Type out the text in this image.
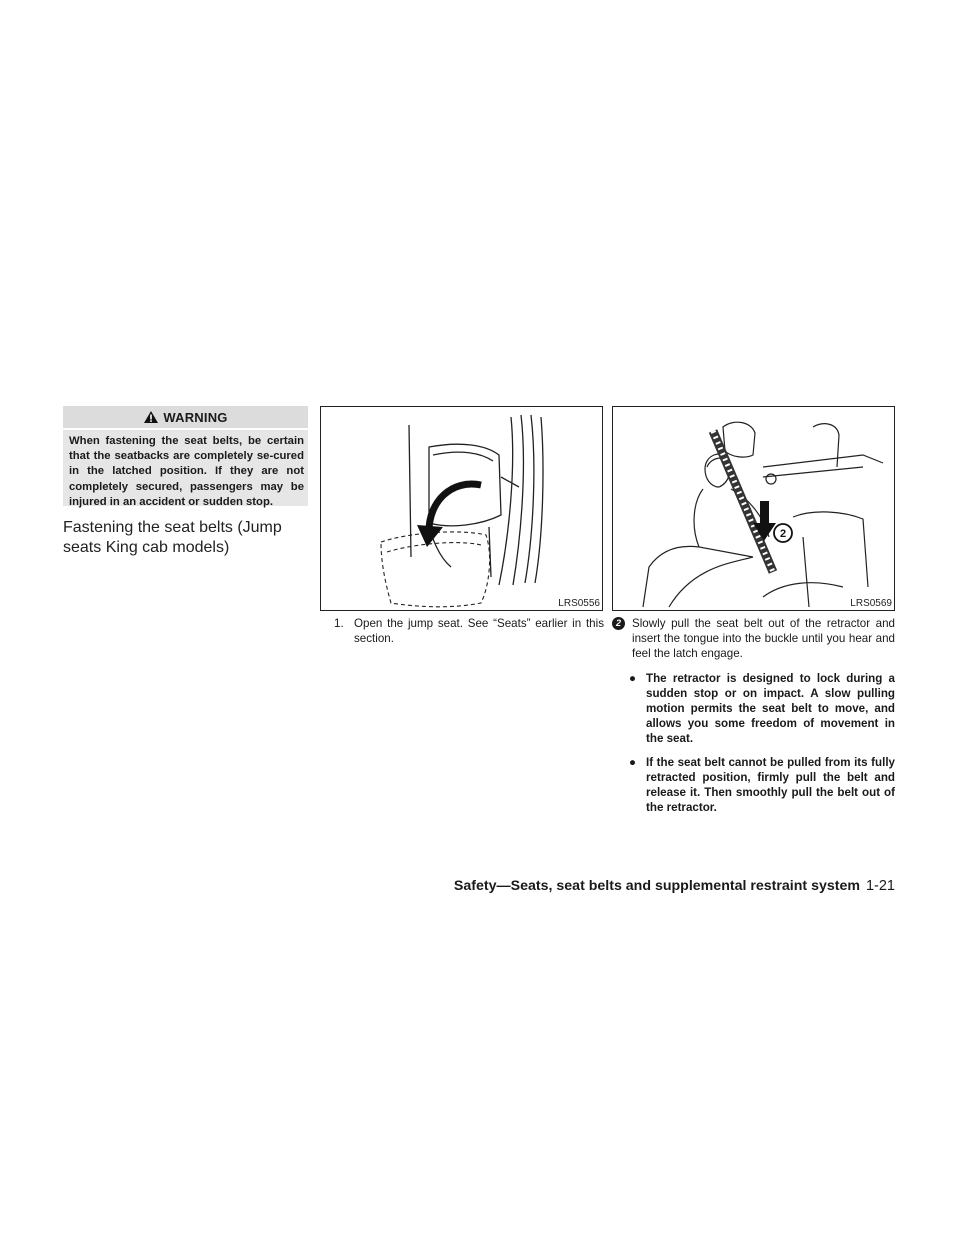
WARNING
When fastening the seat belts, be certain that the seatbacks are completely se-cured in the latched position. If they are not completely secured, passengers may be injured in an accident or sudden stop.
Fastening the seat belts (Jump seats King cab models)
LRS0556
2
LRS0569
1. Open the jump seat. See “Seats” earlier in this section.
2 Slowly pull the seat belt out of the retractor and insert the tongue into the buckle until you hear and feel the latch engage.
● The retractor is designed to lock during a sudden stop or on impact. A slow pulling motion permits the seat belt to move, and allows you some freedom of movement in the seat.
● If the seat belt cannot be pulled from its fully retracted position, firmly pull the belt and release it. Then smoothly pull the belt out of the retractor.
Safety—Seats, seat belts and supplemental restraint system 1-21
